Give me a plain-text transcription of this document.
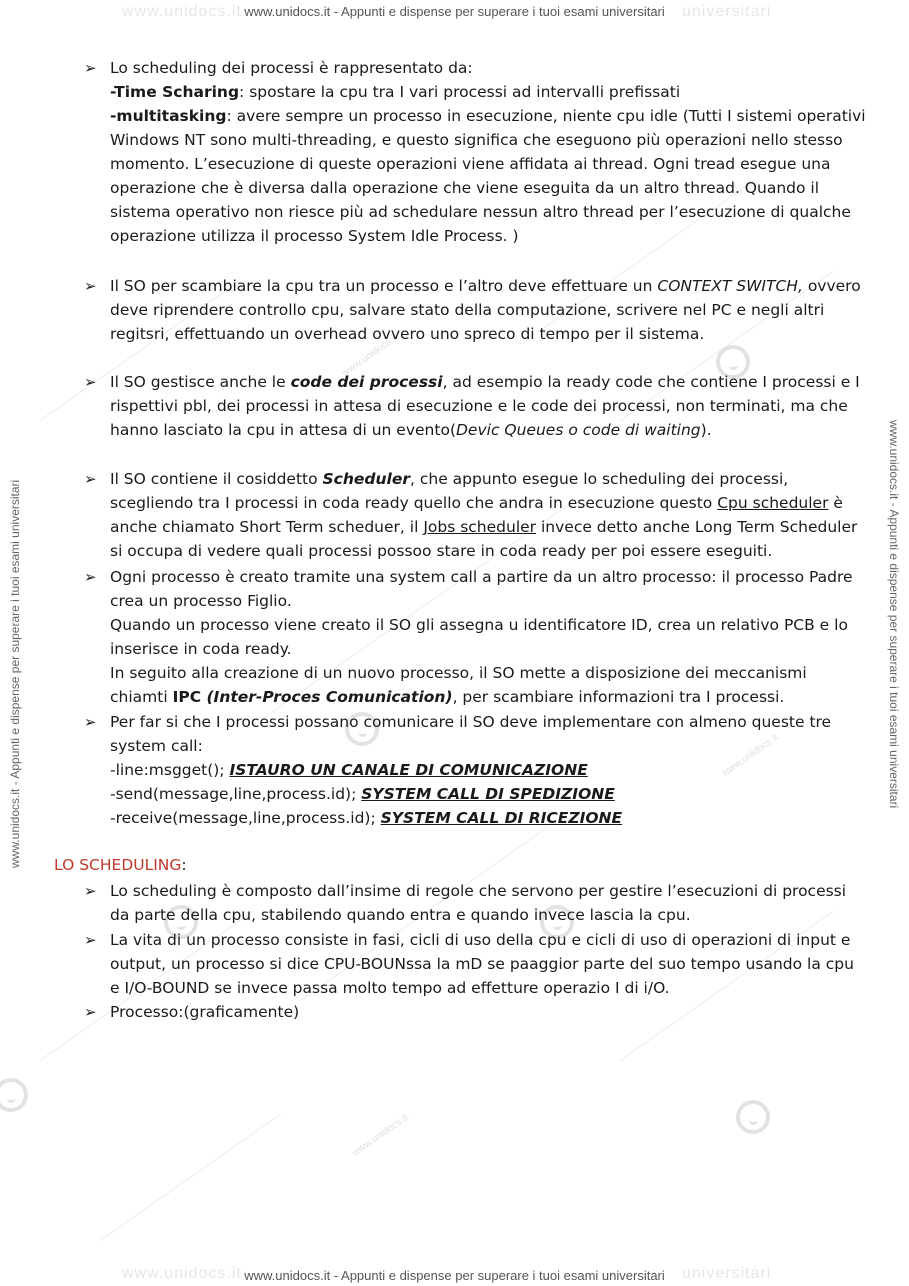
www.unidocs.it
www.unidocs.it
www.unidocs.it
www.unidocs.it	universitari
www.unidocs.it	universitari
www.unidocs.it - Appunti e dispense per superare i tuoi esami universitari
www.unidocs.it - Appunti e dispense per superare i tuoi esami universitari
www.unidocs.it - Appunti e dispense per superare i tuoi esami universitari	www.unidocs.it - Appunti e dispense per superare i tuoi esami universitari
➢ Lo scheduling dei processi è rappresentato da:
-Time Scharing: spostare la cpu tra I vari processi ad intervalli prefissati
-multitasking: avere sempre un processo in esecuzione, niente cpu idle (Tutti I sistemi operativi
Windows NT sono multi-threading, e questo significa che eseguono più operazioni nello stesso
momento. L’esecuzione di queste operazioni viene affidata ai thread. Ogni tread esegue una
operazione che è diversa dalla operazione che viene eseguita da un altro thread. Quando il
sistema operativo non riesce più ad schedulare nessun altro thread per l’esecuzione di qualche
operazione utilizza il processo System Idle Process. )
➢ Il SO per scambiare la cpu tra un processo e l’altro deve effettuare un CONTEXT SWITCH, ovvero
deve riprendere controllo cpu, salvare stato della computazione, scrivere nel PC e negli altri
regitsri, effettuando un overhead ovvero uno spreco di tempo per il sistema.
➢ Il SO gestisce anche le code dei processi, ad esempio la ready code che contiene I processi e I
rispettivi pbl, dei processi in attesa di esecuzione e le code dei processi, non terminati, ma che
hanno lasciato la cpu in attesa di un evento(Devic Queues o code di waiting).
➢ Il SO contiene il cosiddetto Scheduler, che appunto esegue lo scheduling dei processi,
scegliendo tra I processi in coda ready quello che andra in esecuzione questo Cpu scheduler è
anche chiamato Short Term scheduer, il Jobs scheduler invece detto anche Long Term Scheduler
si occupa di vedere quali processi possoo stare in coda ready per poi essere eseguiti.
➢ Ogni processo è creato tramite una system call a partire da un altro processo: il processo Padre
crea un processo Figlio.
Quando un processo viene creato il SO gli assegna u identificatore ID, crea un relativo PCB e lo
inserisce in coda ready.
In seguito alla creazione di un nuovo processo, il SO mette a disposizione dei meccanismi
chiamti IPC (Inter-Proces Comunication), per scambiare informazioni tra I processi.
➢ Per far si che I processi possano comunicare il SO deve implementare con almeno queste tre
system call:
-line:msgget(); ISTAURO UN CANALE DI COMUNICAZIONE
-send(message,line,process.id); SYSTEM CALL DI SPEDIZIONE
-receive(message,line,process.id); SYSTEM CALL DI RICEZIONE
LO SCHEDULING:
➢ Lo scheduling è composto dall’insime di regole che servono per gestire l’esecuzioni di processi
da parte della cpu, stabilendo quando entra e quando invece lascia la cpu.
➢ La vita di un processo consiste in fasi, cicli di uso della cpu e cicli di uso di operazioni di input e
output, un processo si dice CPU-BOUNssa la mD se paaggior parte del suo tempo usando la cpu
e I/O-BOUND se invece passa molto tempo ad effetture operazio I di i/O.
➢ Processo:(graficamente)
